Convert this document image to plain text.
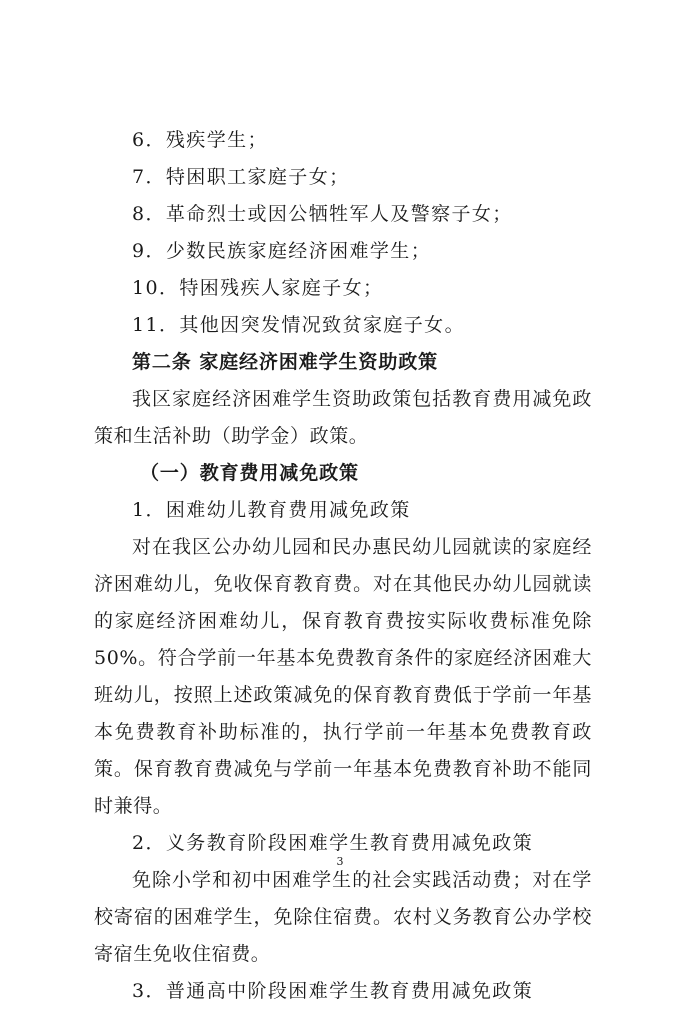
6．残疾学生；
7．特困职工家庭子女；
8．革命烈士或因公牺牲军人及警察子女；
9．少数民族家庭经济困难学生；
10．特困残疾人家庭子女；
11．其他因突发情况致贫家庭子女。
第二条 家庭经济困难学生资助政策
我区家庭经济困难学生资助政策包括教育费用减免政策和生活补助（助学金）政策。
（一）教育费用减免政策
1．困难幼儿教育费用减免政策
对在我区公办幼儿园和民办惠民幼儿园就读的家庭经济困难幼儿，免收保育教育费。对在其他民办幼儿园就读的家庭经济困难幼儿，保育教育费按实际收费标准免除 50%。符合学前一年基本免费教育条件的家庭经济困难大班幼儿，按照上述政策减免的保育教育费低于学前一年基本免费教育补助标准的，执行学前一年基本免费教育政策。保育教育费减免与学前一年基本免费教育补助不能同时兼得。
2．义务教育阶段困难学生教育费用减免政策
免除小学和初中困难学生的社会实践活动费；对在学校寄宿的困难学生，免除住宿费。农村义务教育公办学校寄宿生免收住宿费。
3．普通高中阶段困难学生教育费用减免政策
3
